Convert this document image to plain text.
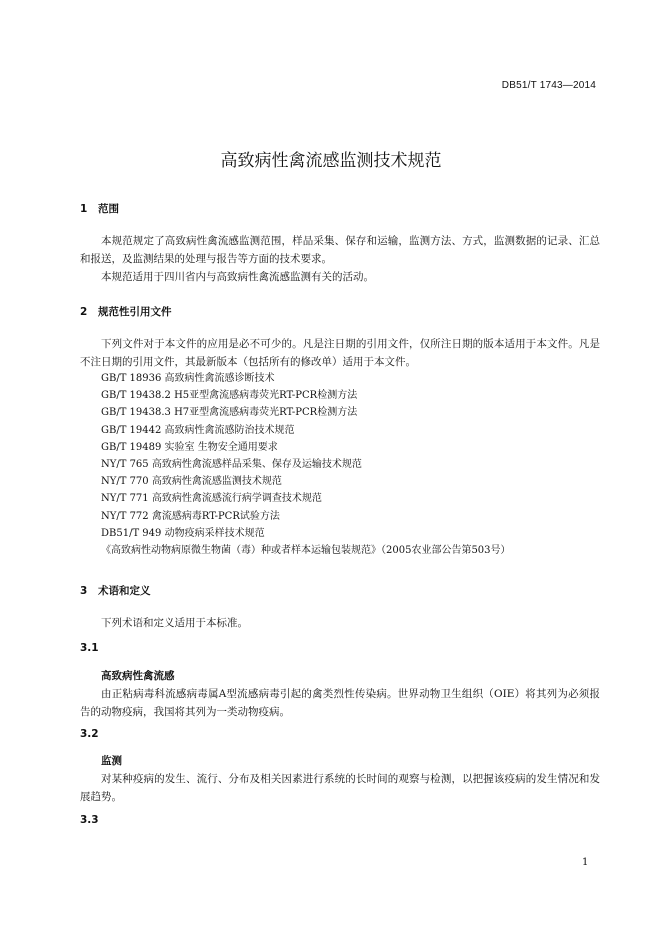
DB51/T 1743—2014
高致病性禽流感监测技术规范
1 范围
本规范规定了高致病性禽流感监测范围，样品采集、保存和运输，监测方法、方式，监测数据的记录、汇总和报送，及监测结果的处理与报告等方面的技术要求。
本规范适用于四川省内与高致病性禽流感监测有关的活动。
2 规范性引用文件
下列文件对于本文件的应用是必不可少的。凡是注日期的引用文件，仅所注日期的版本适用于本文件。凡是不注日期的引用文件，其最新版本（包括所有的修改单）适用于本文件。
GB/T 18936 高致病性禽流感诊断技术
GB/T 19438.2 H5亚型禽流感病毒荧光RT-PCR检测方法
GB/T 19438.3 H7亚型禽流感病毒荧光RT-PCR检测方法
GB/T 19442 高致病性禽流感防治技术规范
GB/T 19489 实验室 生物安全通用要求
NY/T 765 高致病性禽流感样品采集、保存及运输技术规范
NY/T 770 高致病性禽流感监测技术规范
NY/T 771 高致病性禽流感流行病学调查技术规范
NY/T 772 禽流感病毒RT-PCR试验方法
DB51/T 949 动物疫病采样技术规范
《高致病性动物病原微生物菌（毒）种或者样本运输包装规范》（2005农业部公告第503号）
3 术语和定义
下列术语和定义适用于本标准。
3.1
高致病性禽流感
由正粘病毒科流感病毒属A型流感病毒引起的禽类烈性传染病。世界动物卫生组织（OIE）将其列为必须报告的动物疫病，我国将其列为一类动物疫病。
3.2
监测
对某种疫病的发生、流行、分布及相关因素进行系统的长时间的观察与检测，以把握该疫病的发生情况和发展趋势。
3.3
1
